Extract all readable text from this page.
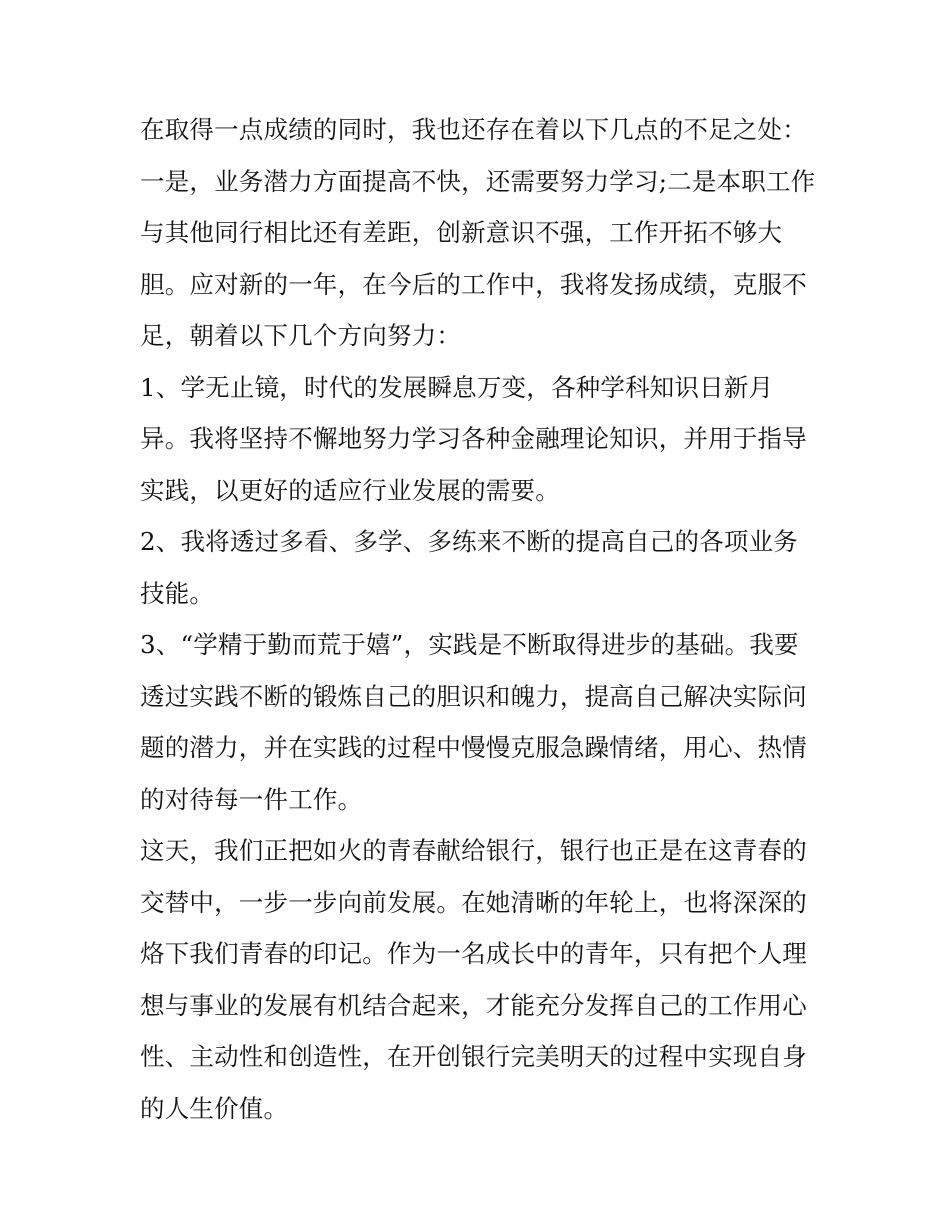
在取得一点成绩的同时，我也还存在着以下几点的不足之处：一是，业务潜力方面提高不快，还需要努力学习;二是本职工作与其他同行相比还有差距，创新意识不强，工作开拓不够大胆。应对新的一年，在今后的工作中，我将发扬成绩，克服不足，朝着以下几个方向努力：

1、学无止镜，时代的发展瞬息万变，各种学科知识日新月异。我将坚持不懈地努力学习各种金融理论知识，并用于指导实践，以更好的适应行业发展的需要。

2、我将透过多看、多学、多练来不断的提高自己的各项业务技能。

3、“学精于勤而荒于嬉”，实践是不断取得进步的基础。我要透过实践不断的锻炼自己的胆识和魄力，提高自己解决实际问题的潜力，并在实践的过程中慢慢克服急躁情绪，用心、热情的对待每一件工作。

这天，我们正把如火的青春献给银行，银行也正是在这青春的交替中，一步一步向前发展。在她清晰的年轮上，也将深深的烙下我们青春的印记。作为一名成长中的青年，只有把个人理想与事业的发展有机结合起来，才能充分发挥自己的工作用心性、主动性和创造性，在开创银行完美明天的过程中实现自身的人生价值。
